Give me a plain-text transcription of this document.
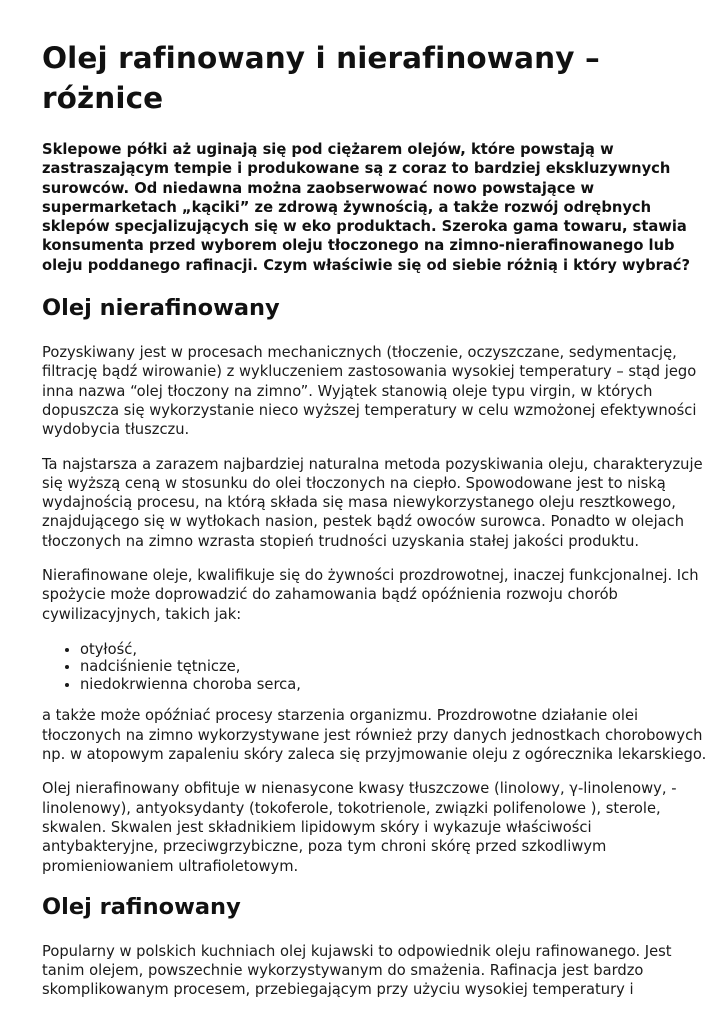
Olej rafinowany i nierafinowany – różnice

Sklepowe półki aż uginają się pod ciężarem olejów, które powstają w zastraszającym tempie i produkowane są z coraz to bardziej ekskluzywnych surowców. Od niedawna można zaobserwować nowo powstające w supermarketach „kąciki” ze zdrową żywnością, a także rozwój odrębnych sklepów specjalizujących się w eko produktach. Szeroka gama towaru, stawia konsumenta przed wyborem oleju tłoczonego na zimno-nierafinowanego lub oleju poddanego rafinacji. Czym właściwie się od siebie różnią i który wybrać?

Olej nierafinowany

Pozyskiwany jest w procesach mechanicznych (tłoczenie, oczyszczane, sedymentację, filtrację bądź wirowanie) z wykluczeniem zastosowania wysokiej temperatury – stąd jego inna nazwa “olej tłoczony na zimno”. Wyjątek stanowią oleje typu virgin, w których dopuszcza się wykorzystanie nieco wyższej temperatury w celu wzmożonej efektywności wydobycia tłuszczu.

Ta najstarsza a zarazem najbardziej naturalna metoda pozyskiwania oleju, charakteryzuje się wyższą ceną w stosunku do olei tłoczonych na ciepło. Spowodowane jest to niską wydajnością procesu, na którą składa się masa niewykorzystanego oleju resztkowego, znajdującego się w wytłokach nasion, pestek bądź owoców surowca. Ponadto w olejach tłoczonych na zimno wzrasta stopień trudności uzyskania stałej jakości produktu.

Nierafinowane oleje, kwalifikuje się do żywności prozdrowotnej, inaczej funkcjonalnej. Ich spożycie może doprowadzić do zahamowania bądź opóźnienia rozwoju chorób cywilizacyjnych, takich jak:

• otyłość,
• nadciśnienie tętnicze,
• niedokrwienna choroba serca,

a także może opóźniać procesy starzenia organizmu. Prozdrowotne działanie olei tłoczonych na zimno wykorzystywane jest również przy danych jednostkach chorobowych np. w atopowym zapaleniu skóry zaleca się przyjmowanie oleju z ogórecznika lekarskiego.

Olej nierafinowany obfituje w nienasycone kwasy tłuszczowe (linolowy, γ-linolenowy, -linolenowy), antyoksydanty (tokoferole, tokotrienole, związki polifenolowe ), sterole, skwalen. Skwalen jest składnikiem lipidowym skóry i wykazuje właściwości antybakteryjne, przeciwgrzybiczne, poza tym chroni skórę przed szkodliwym promieniowaniem ultrafioletowym.

Olej rafinowany

Popularny w polskich kuchniach olej kujawski to odpowiednik oleju rafinowanego. Jest tanim olejem, powszechnie wykorzystywanym do smażenia. Rafinacja jest bardzo skomplikowanym procesem, przebiegającym przy użyciu wysokiej temperatury i
